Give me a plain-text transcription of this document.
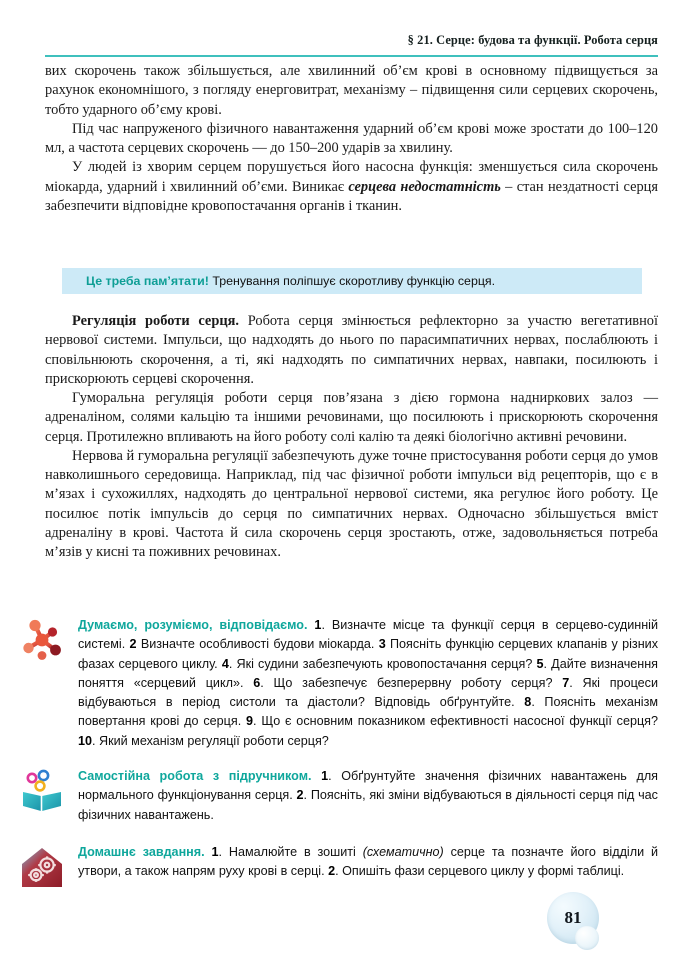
§ 21. Серце: будова та функції. Робота серця

вих скорочень також збільшується, але хвилинний об’єм крові в основному підвищується за рахунок економнішого, з погляду енерговитрат, механізму – підвищення сили серцевих скорочень, тобто ударного об’єму крові.

Під час напруженого фізичного навантаження ударний об’єм крові може зростати до 100–120 мл, а частота серцевих скорочень — до 150–200 ударів за хвилину.

У людей із хворим серцем порушується його насосна функція: зменшується сила скорочень міокарда, ударний і хвилинний об’єми. Виникає серцева недостатність – стан нездатності серця забезпечити відповідне кровопостачання органів і тканин.

Це треба пам’ятати! Тренування поліпшує скоротливу функцію серця.

Регуляція роботи серця. Робота серця змінюється рефлекторно за участю вегетативної нервової системи. Імпульси, що надходять до нього по парасимпатичних нервах, послаблюють і сповільнюють скорочення, а ті, які надходять по симпатичних нервах, навпаки, посилюють і прискорюють серцеві скорочення.

Гуморальна регуляція роботи серця пов’язана з дією гормона надниркових залоз — адреналіном, солями кальцію та іншими речовинами, що посилюють і прискорюють скорочення серця. Протилежно впливають на його роботу солі калію та деякі біологічно активні речовини.

Нервова й гуморальна регуляції забезпечують дуже точне пристосування роботи серця до умов навколишнього середовища. Наприклад, під час фізичної роботи імпульси від рецепторів, що є в м’язах і сухожиллях, надходять до центральної нервової системи, яка регулює його роботу. Це посилює потік імпульсів до серця по симпатичних нервах. Одночасно збільшується вміст адреналіну в крові. Частота й сила скорочень серця зростають, отже, задовольняється потреба м’язів у кисні та поживних речовинах.

Думаємо, розуміємо, відповідаємо. 1. Визначте місце та функції серця в серцево-судинній системі. 2 Визначте особливості будови міокарда. 3 Поясніть функцію серцевих клапанів у різних фазах серцевого циклу. 4. Які судини забезпечують кровопостачання серця? 5. Дайте визначення поняття «серцевий цикл». 6. Що забезпечує безперервну роботу серця? 7. Які процеси відбуваються в період систоли та діастоли? Відповідь обґрунтуйте. 8. Поясніть механізм повертання крові до серця. 9. Що є основним показником ефективності насосної функції серця? 10. Який механізм регуляції роботи серця?
Самостійна робота з підручником. 1. Обґрунтуйте значення фізичних навантажень для нормального функціонування серця. 2. Поясніть, які зміни відбуваються в діяльності серця під час фізичних навантажень.
Домашнє завдання. 1. Намалюйте в зошиті (схематично) серце та позначте його відділи й утвори, а також напрям руху крові в серці. 2. Опишіть фази серцевого циклу у формі таблиці.
81
